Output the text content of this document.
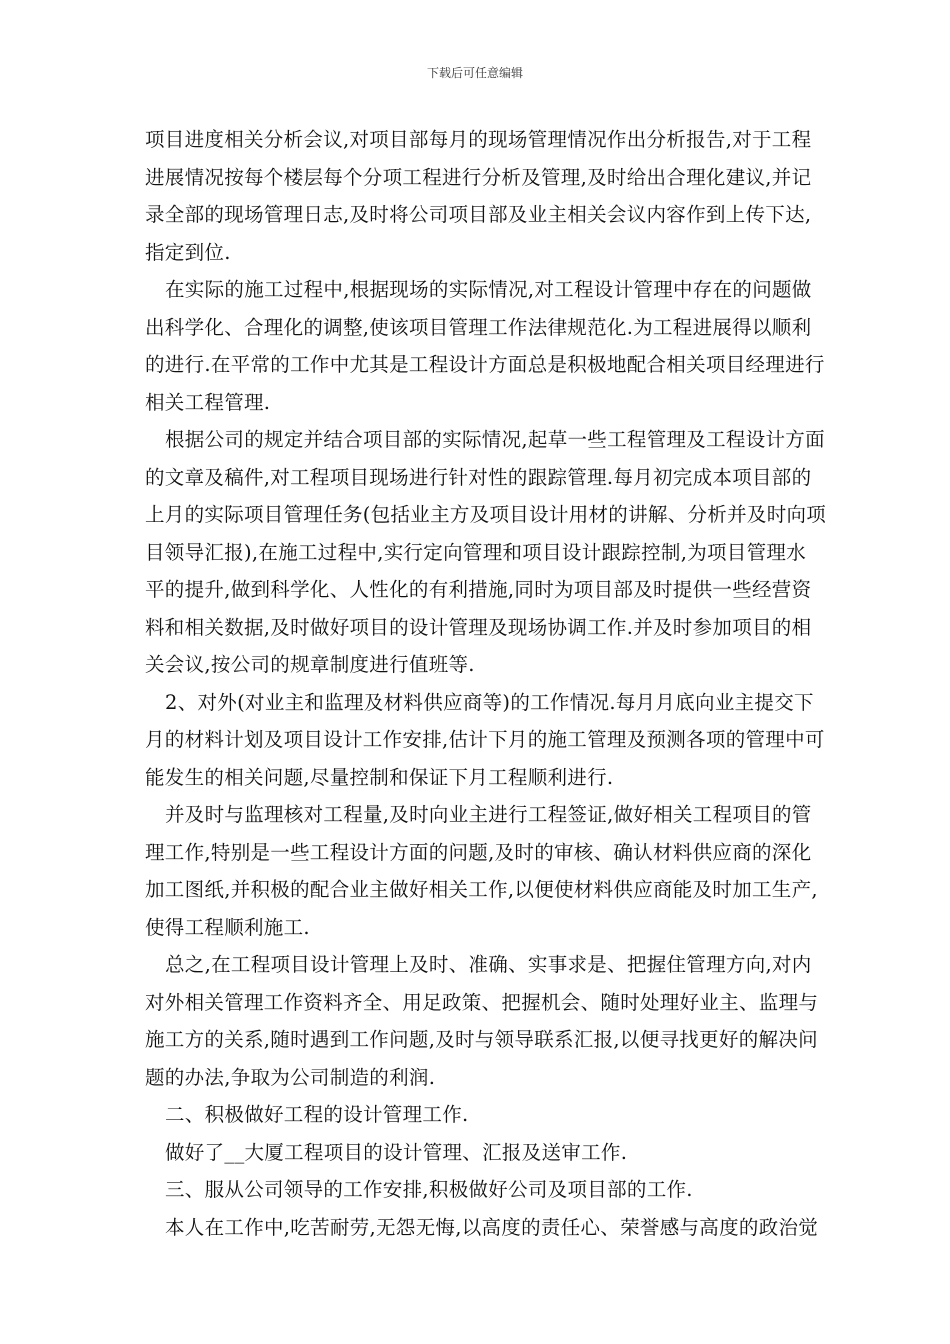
下载后可任意编辑
项目进度相关分析会议,对项目部每月的现场管理情况作出分析报告,对于工程
进展情况按每个楼层每个分项工程进行分析及管理,及时给出合理化建议,并记
录全部的现场管理日志,及时将公司项目部及业主相关会议内容作到上传下达,
指定到位.
在实际的施工过程中,根据现场的实际情况,对工程设计管理中存在的问题做
出科学化、合理化的调整,使该项目管理工作法律规范化.为工程进展得以顺利
的进行.在平常的工作中尤其是工程设计方面总是积极地配合相关项目经理进行
相关工程管理.
根据公司的规定并结合项目部的实际情况,起草一些工程管理及工程设计方面
的文章及稿件,对工程项目现场进行针对性的跟踪管理.每月初完成本项目部的
上月的实际项目管理任务(包括业主方及项目设计用材的讲解、分析并及时向项
目领导汇报),在施工过程中,实行定向管理和项目设计跟踪控制,为项目管理水
平的提升,做到科学化、人性化的有利措施,同时为项目部及时提供一些经营资
料和相关数据,及时做好项目的设计管理及现场协调工作.并及时参加项目的相
关会议,按公司的规章制度进行值班等.
2、对外(对业主和监理及材料供应商等)的工作情况.每月月底向业主提交下
月的材料计划及项目设计工作安排,估计下月的施工管理及预测各项的管理中可
能发生的相关问题,尽量控制和保证下月工程顺利进行.
并及时与监理核对工程量,及时向业主进行工程签证,做好相关工程项目的管
理工作,特别是一些工程设计方面的问题,及时的审核、确认材料供应商的深化
加工图纸,并积极的配合业主做好相关工作,以便使材料供应商能及时加工生产,
使得工程顺利施工.
总之,在工程项目设计管理上及时、准确、实事求是、把握住管理方向,对内
对外相关管理工作资料齐全、用足政策、把握机会、随时处理好业主、监理与
施工方的关系,随时遇到工作问题,及时与领导联系汇报,以便寻找更好的解决问
题的办法,争取为公司制造的利润.
二、积极做好工程的设计管理工作.
做好了__大厦工程项目的设计管理、汇报及送审工作.
三、服从公司领导的工作安排,积极做好公司及项目部的工作.
本人在工作中,吃苦耐劳,无怨无悔,以高度的责任心、荣誉感与高度的政治觉
